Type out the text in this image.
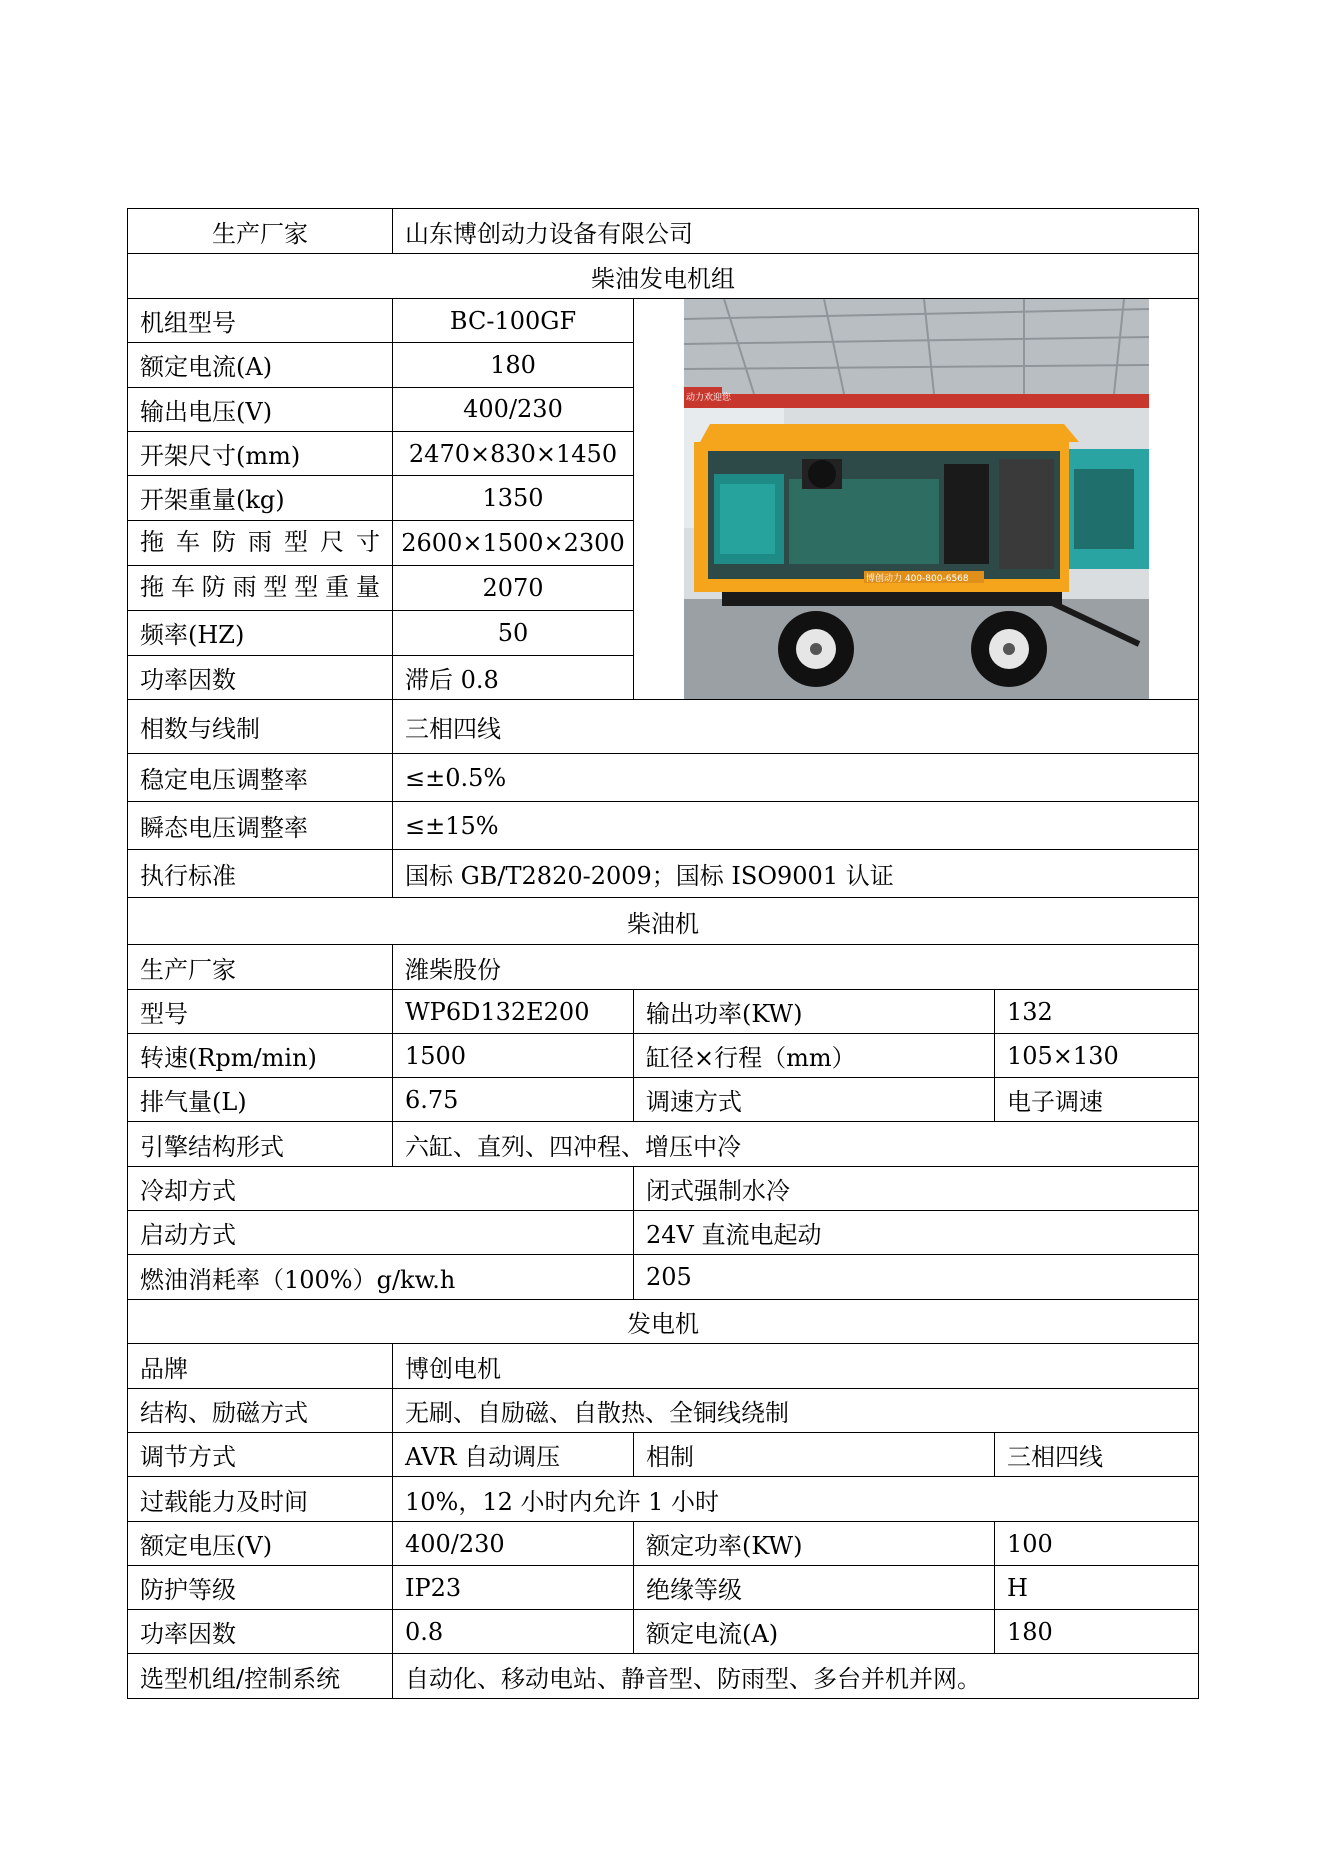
生产厂家	山东博创动力设备有限公司		
柴油发电机组			
机组型号	BC-100GF	动力欢迎您
博创动力 400-800-6568	

额定电流(A)	180		
输出电压(V)	400/230		
开架尺寸(mm)	2470×830×1450		
开架重量(kg)	1350		

拖车防雨型尺寸	2600×1500×2300		

拖车防雨型型重量	2070		
频率(HZ)	50		
功率因数	滞后 0.8		
相数与线制	三相四线		
稳定电压调整率	≤±0.5%		
瞬态电压调整率	≤±15%		
执行标准	国标 GB/T2820-2009；国标 ISO9001 认证		
柴油机			
生产厂家	潍柴股份		
型号	WP6D132E200	输出功率(KW)	132
转速(Rpm/min)	1500	缸径×行程（mm）	105×130
排气量(L)	6.75	调速方式	电子调速
引擎结构形式	六缸、直列、四冲程、增压中冷		
冷却方式		闭式强制水冷	
启动方式		24V 直流电起动	
燃油消耗率（100%）g/kw.h		205	
发电机			
品牌	博创电机		
结构、励磁方式	无刷、自励磁、自散热、全铜线绕制		
调节方式	AVR 自动调压	相制	三相四线
过载能力及时间	10%，12 小时内允许 1 小时		
额定电压(V)	400/230	额定功率(KW)	100
防护等级	IP23	绝缘等级	H
功率因数	0.8	额定电流(A)	180
选型机组/控制系统	自动化、移动电站、静音型、防雨型、多台并机并网。		
